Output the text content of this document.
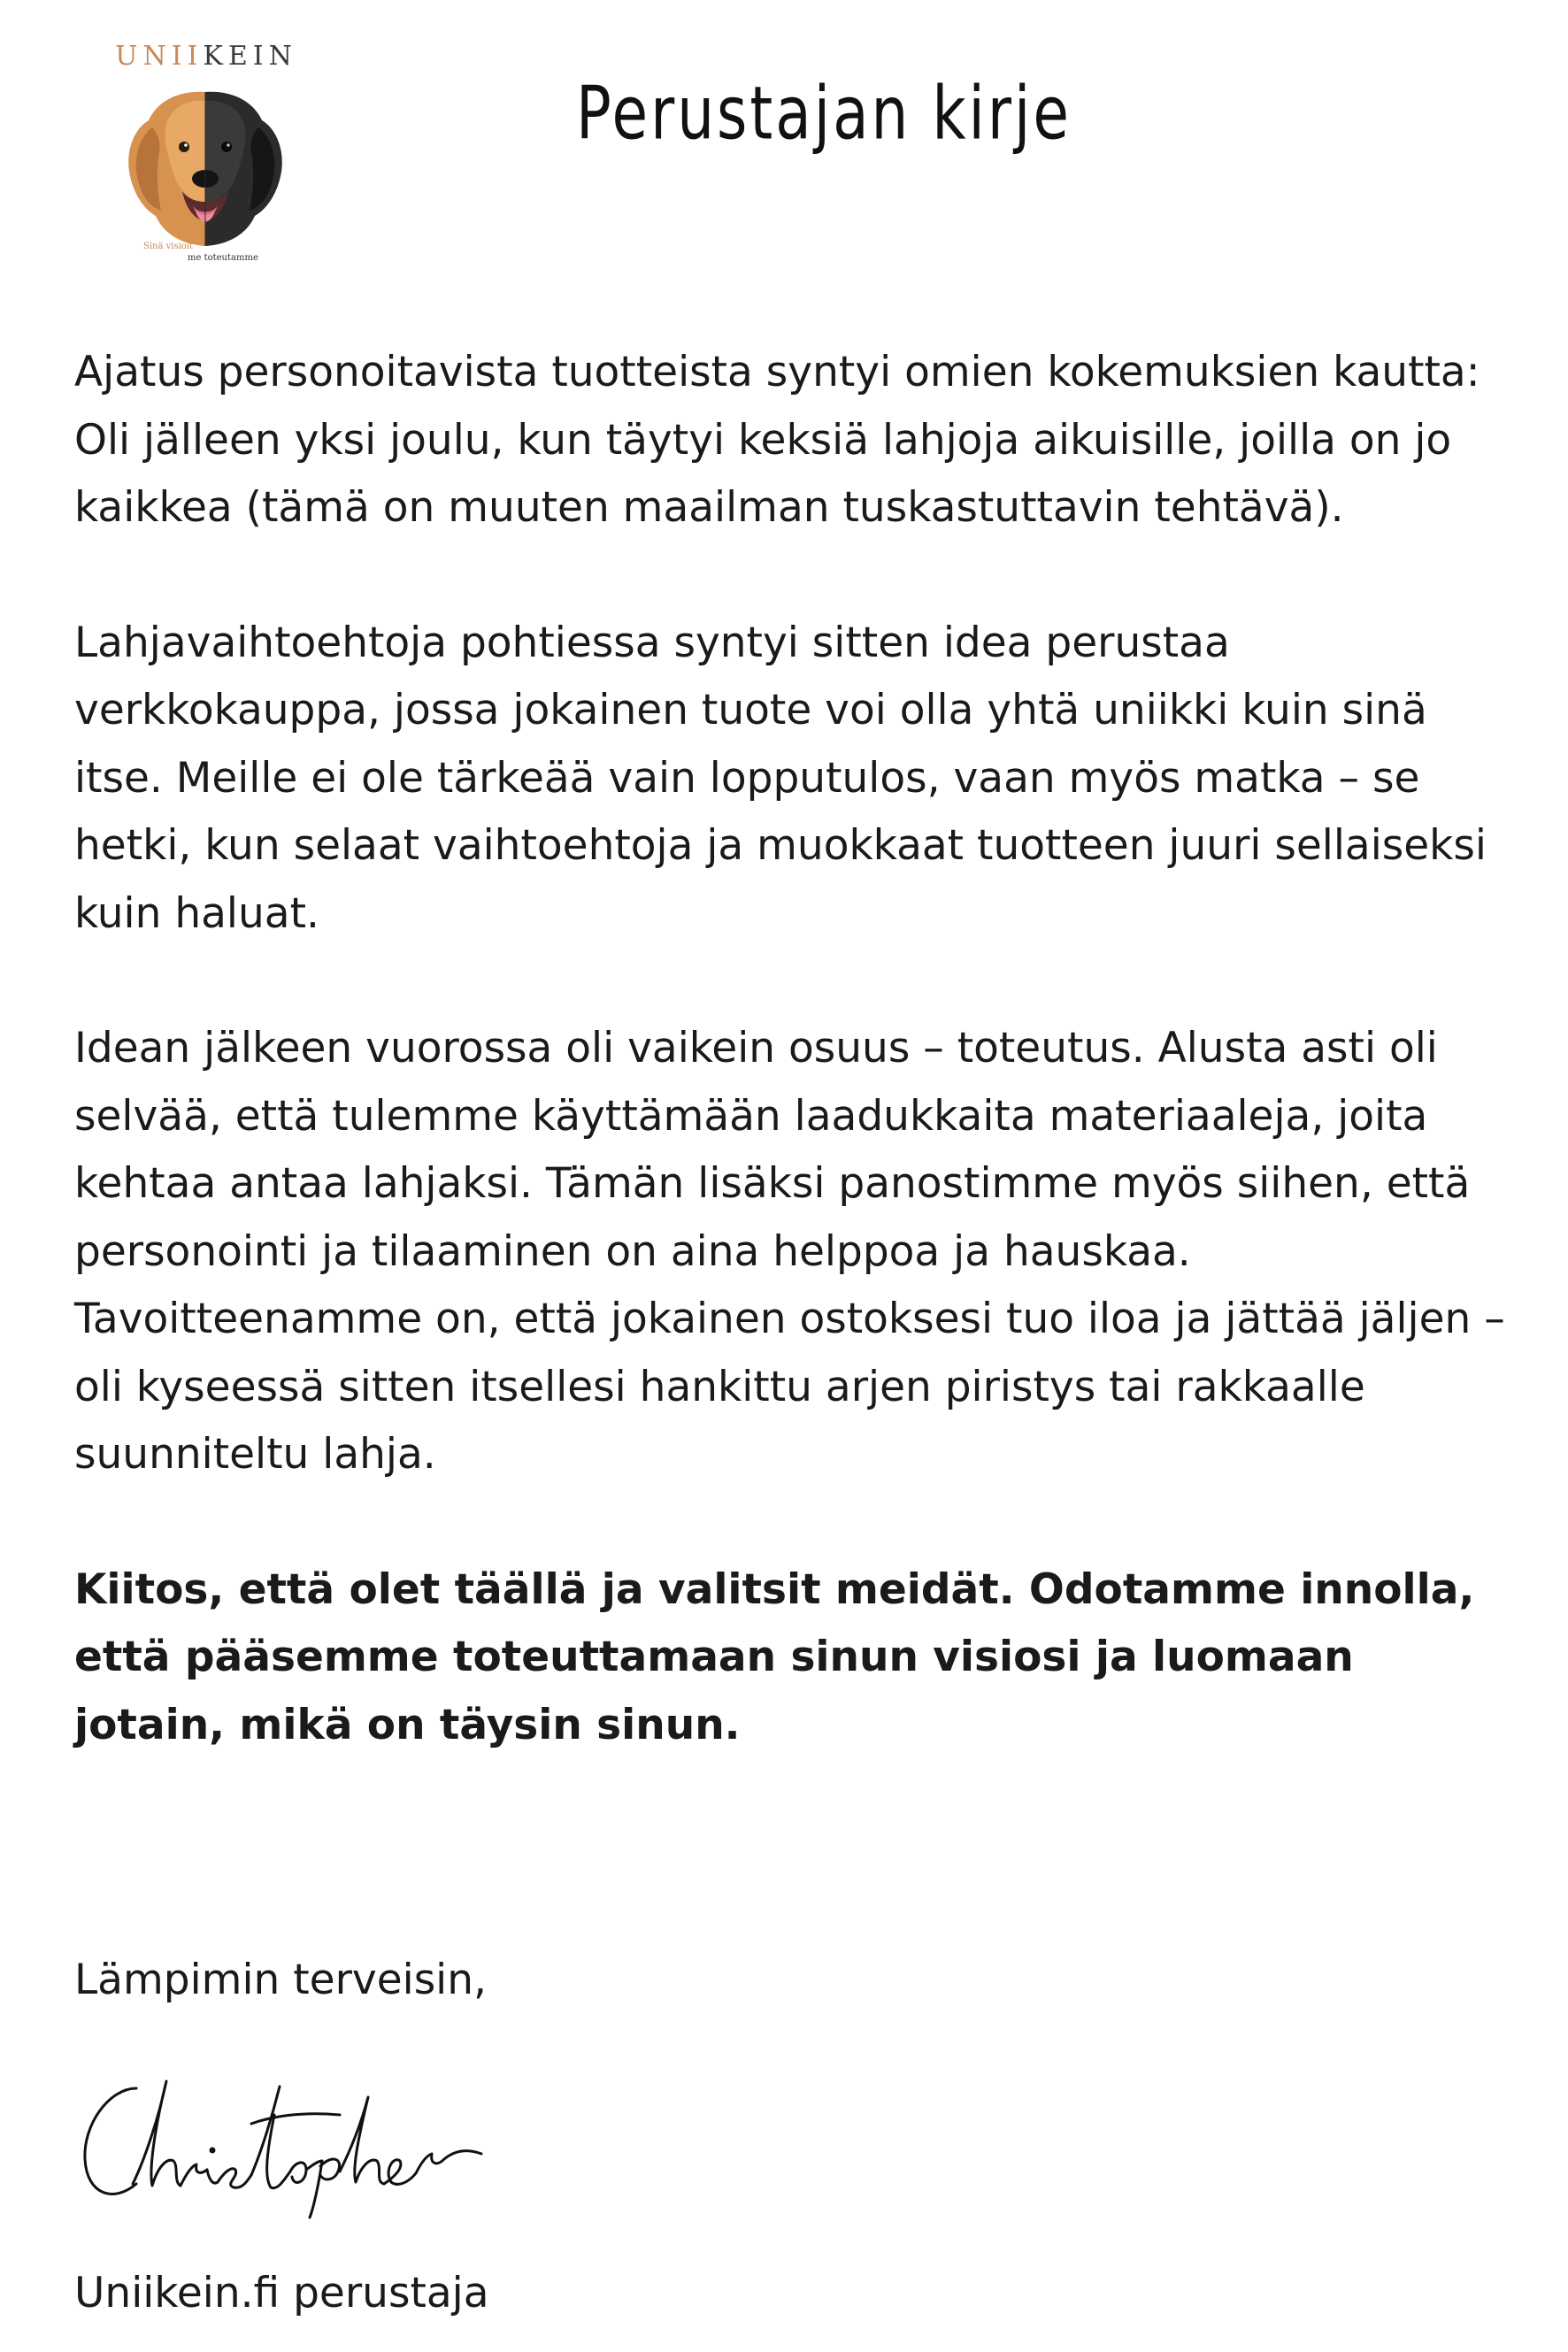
UNIIKEIN
Sinä visioit
me toteutamme
Perustajan kirje

Ajatus personoitavista tuotteista syntyi omien kokemuksien kautta: Oli jälleen yksi joulu, kun täytyi keksiä lahjoja aikuisille, joilla on jo kaikkea (tämä on muuten maailman tuskastuttavin tehtävä).

Lahjavaihtoehtoja pohtiessa syntyi sitten idea perustaa verkkokauppa, jossa jokainen tuote voi olla yhtä uniikki kuin sinä itse. Meille ei ole tärkeää vain lopputulos, vaan myös matka – se hetki, kun selaat vaihtoehtoja ja muokkaat tuotteen juuri sellaiseksi kuin haluat.

Idean jälkeen vuorossa oli vaikein osuus – toteutus. Alusta asti oli selvää, että tulemme käyttämään laadukkaita materiaaleja, joita kehtaa antaa lahjaksi. Tämän lisäksi panostimme myös siihen, että personointi ja tilaaminen on aina helppoa ja hauskaa. Tavoitteenamme on, että jokainen ostoksesi tuo iloa ja jättää jäljen – oli kyseessä sitten itsellesi hankittu arjen piristys tai rakkaalle suunniteltu lahja.

Kiitos, että olet täällä ja valitsit meidät. Odotamme innolla, että pääsemme toteuttamaan sinun visiosi ja luomaan jotain, mikä on täysin sinun.

Lämpimin terveisin,

Uniikein.fi perustaja
